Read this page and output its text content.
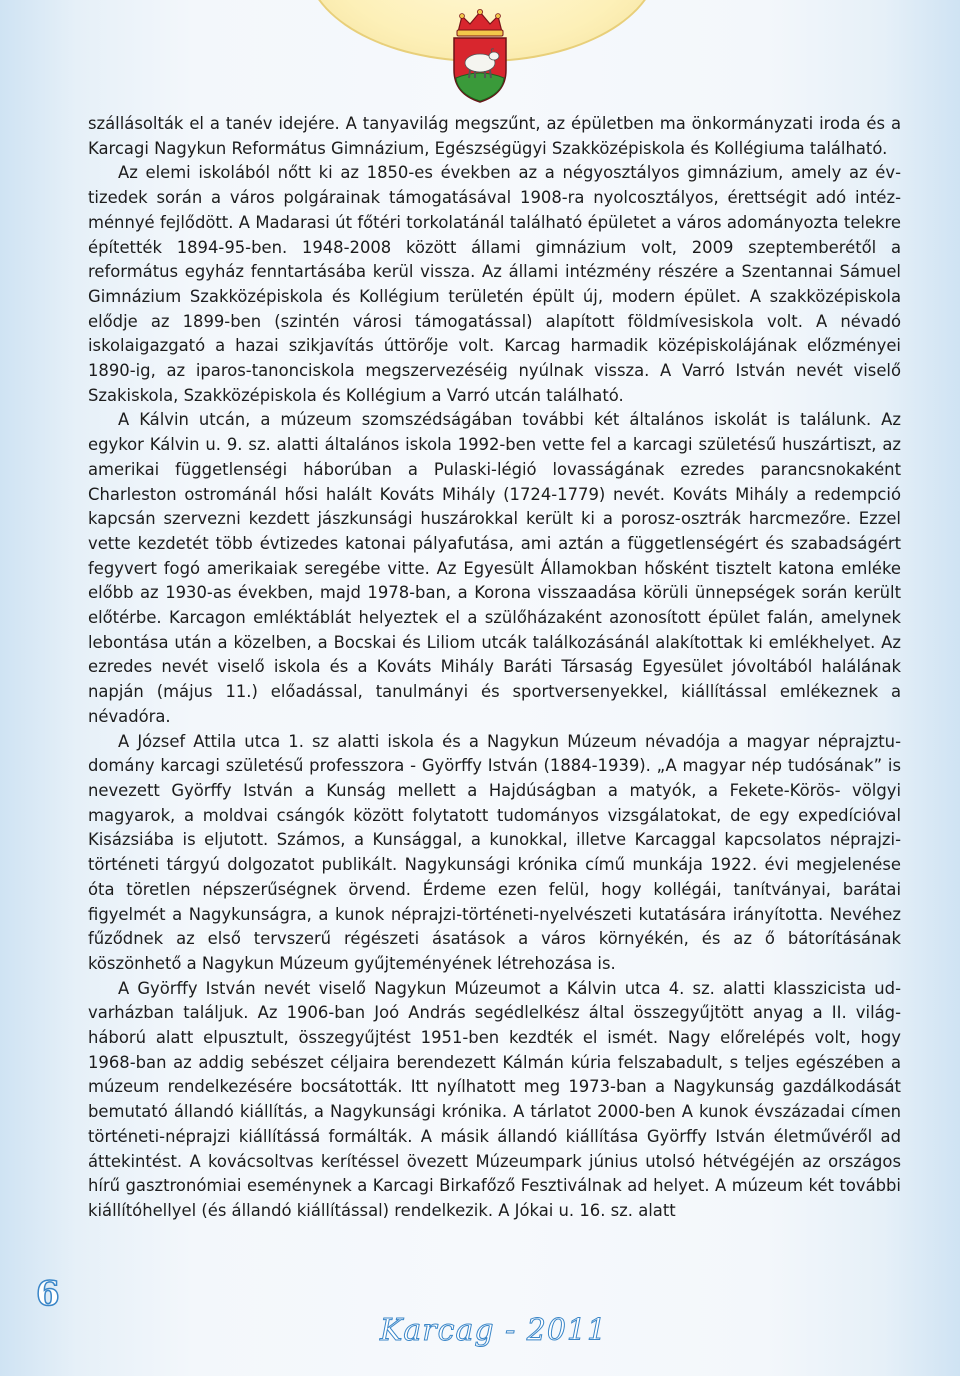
szállásolták el a tanév idejére. A tanyavilág megszűnt, az épületben ma önkormányzati iroda és a Karcagi Nagykun Református Gimnázium, Egészségügyi Szakközépiskola és Kollégiuma található.

Az elemi iskolából nőtt ki az 1850-es években az a négyosztályos gimnázium, amely az évtizedek során a város polgárainak támogatásával 1908-ra nyolcosztályos, érettségit adó intézménnyé fejlődött. A Madarasi út főtéri torkolatánál található épületet a város adományozta telekre építették 1894-95-ben. 1948-2008 között állami gimnázium volt, 2009 szeptemberétől a református egyház fenntartásába kerül vissza. Az állami intézmény részére a Szentannai Sámuel Gimnázium Szakközépiskola és Kollégium területén épült új, modern épület. A szakközépiskola elődje az 1899-ben (szintén városi támogatással) alapított földmívesiskola volt. A névadó iskolaigazgató a hazai szikjavítás úttörője volt. Karcag harmadik középiskolájának előzményei 1890-ig, az iparos-tanonciskola megszervezéséig nyúlnak vissza. A Varró István nevét viselő Szakiskola, Szakközépiskola és Kollégium a Varró utcán található.

A Kálvin utcán, a múzeum szomszédságában további két általános iskolát is találunk. Az egykor Kálvin u. 9. sz. alatti általános iskola 1992-ben vette fel a karcagi születésű huszártiszt, az amerikai függetlenségi háborúban a Pulaski-légió lovasságának ezredes parancsnokaként Charleston ostrománál hősi halált Kováts Mihály (1724-1779) nevét. Kováts Mihály a redempció kapcsán szervezni kezdett jászkunsági huszárokkal került ki a porosz-osztrák harcmezőre. Ezzel vette kezdetét több évtizedes katonai pályafutása, ami aztán a függetlenségért és szabadságért fegyvert fogó amerikaiak seregébe vitte. Az Egyesült Államokban hősként tisztelt katona emléke előbb az 1930-as években, majd 1978-ban, a Korona visszaadása körüli ünnepségek során került előtérbe. Karcagon emléktáblát helyeztek el a szülőházaként azonosított épület falán, amelynek lebontása után a közelben, a Bocskai és Liliom utcák találkozásánál alakítottak ki emlékhelyet. Az ezredes nevét viselő iskola és a Kováts Mihály Baráti Társaság Egyesület jóvoltából halálának napján (május 11.) előadással, tanulmányi és sportversenyekkel, kiállítással emlékeznek a névadóra.

A József Attila utca 1. sz alatti iskola és a Nagykun Múzeum névadója a magyar néprajztudomány karcagi születésű professzora - Györffy István (1884-1939). „A magyar nép tudósának” is nevezett Györffy István a Kunság mellett a Hajdúságban a matyók, a Fekete-Körös- völgyi magyarok, a moldvai csángók között folytatott tudományos vizsgálatokat, de egy expedícióval Kisázsiába is eljutott. Számos, a Kunsággal, a kunokkal, illetve Karcaggal kapcsolatos néprajzitörténeti tárgyú dolgozatot publikált. Nagykunsági krónika című munkája 1922. évi megjelenése óta töretlen népszerűségnek örvend. Érdeme ezen felül, hogy kollégái, tanítványai, barátai figyelmét a Nagykunságra, a kunok néprajzi-történeti-nyelvészeti kutatására irányította. Nevéhez fűződnek az első tervszerű régészeti ásatások a város környékén, és az ő bátorításának köszönhető a Nagykun Múzeum gyűjteményének létrehozása is.

A Györffy István nevét viselő Nagykun Múzeumot a Kálvin utca 4. sz. alatti klasszicista udvarházban találjuk. Az 1906-ban Joó András segédlelkész által összegyűjtött anyag a II. világháború alatt elpusztult, összegyűjtést 1951-ben kezdték el ismét. Nagy előrelépés volt, hogy 1968-ban az addig sebészet céljaira berendezett Kálmán kúria felszabadult, s teljes egészében a múzeum rendelkezésére bocsátották. Itt nyílhatott meg 1973-ban a Nagykunság gazdálkodását bemutató állandó kiállítás, a Nagykunsági krónika. A tárlatot 2000-ben A kunok évszázadai címen történeti-néprajzi kiállítássá formálták. A másik állandó kiállítása Györffy István életművéről ad áttekintést. A kovácsoltvas kerítéssel övezett Múzeumpark június utolsó hétvégéjén az országos hírű gasztronómiai eseménynek a Karcagi Birkafőző Fesztiválnak ad helyet. A múzeum két további kiállítóhellyel (és állandó kiállítással) rendelkezik. A Jókai u. 16. sz. alatt

6
Karcag - 2011
